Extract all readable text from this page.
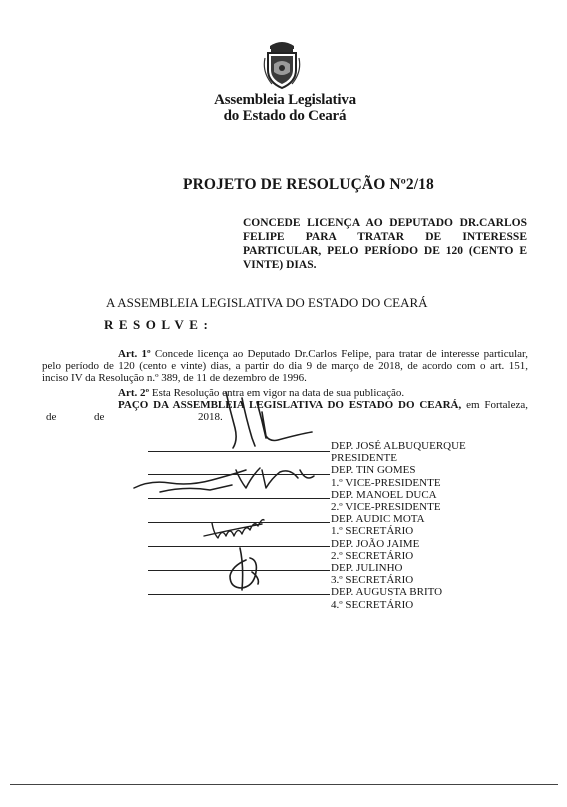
Assembleia Legislativa
do Estado do Ceará
PROJETO DE RESOLUÇÃO Nº2/18
CONCEDE LICENÇA AO DEPUTADO DR.CARLOS
FELIPE PARA TRATAR DE INTERESSE
PARTICULAR, PELO PERÍODO DE 120 (CENTO E
VINTE) DIAS.
A ASSEMBLEIA LEGISLATIVA DO ESTADO DO CEARÁ
RESOLVE:
Art. 1º Concede licença ao Deputado Dr.Carlos Felipe, para tratar de interesse particular,
pelo período de 120 (cento e vinte) dias, a partir do dia 9 de março de 2018, de acordo com o art. 151,
inciso IV da Resolução n.º 389, de 11 de dezembro de 1996.
Art. 2º Esta Resolução entra em vigor na data de sua publicação.
PAÇO DA ASSEMBLEIA LEGISLATIVA DO ESTADO DO CEARÁ, em Fortaleza,
de	de	2018.
DEP. JOSÉ ALBUQUERQUE
PRESIDENTE
DEP. TIN GOMES
1.º VICE-PRESIDENTE
DEP. MANOEL DUCA
2.º VICE-PRESIDENTE
DEP. AUDIC MOTA
1.º SECRETÁRIO
DEP. JOÃO JAIME
2.º SECRETÁRIO
DEP. JULINHO
3.º SECRETÁRIO
DEP. AUGUSTA BRITO
4.º SECRETÁRIO
